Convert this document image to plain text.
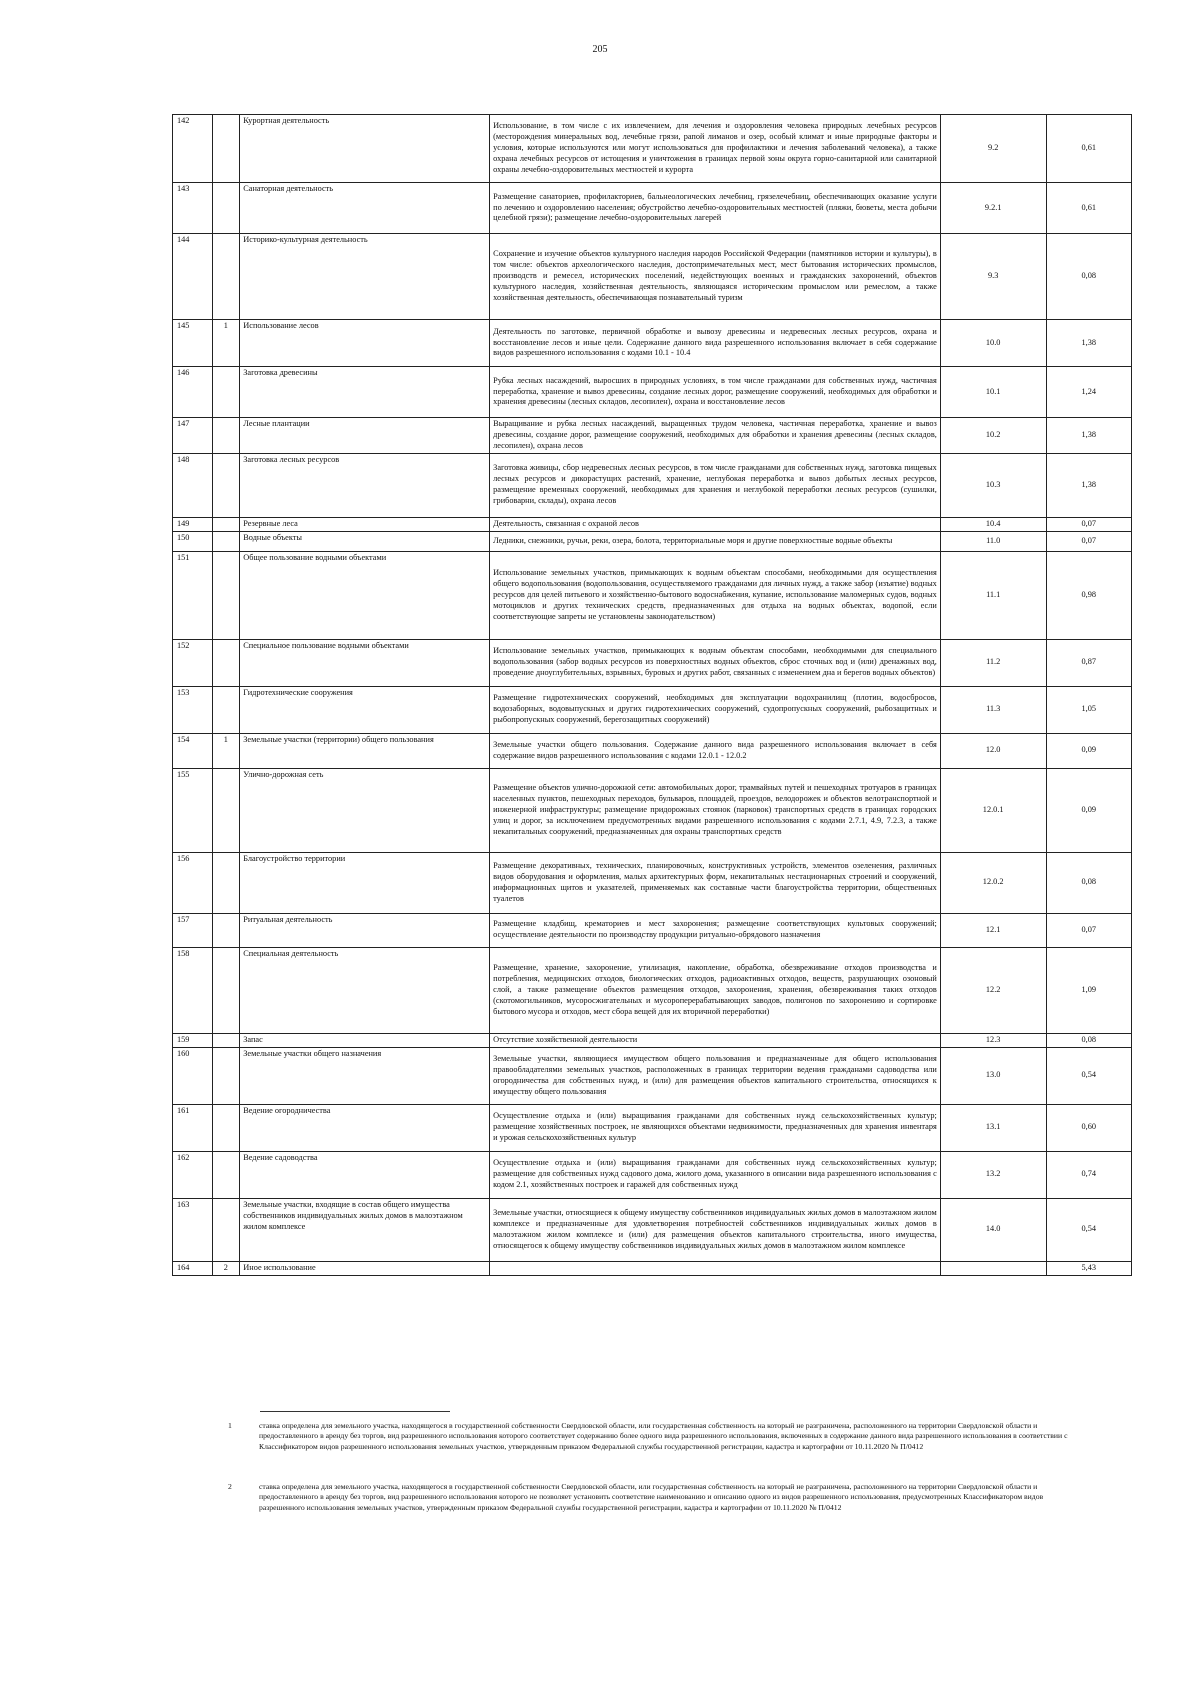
205
142		Курортная деятельность	Использование, в том числе с их извлечением, для лечения и оздоровления человека природных лечебных ресурсов (месторождения минеральных вод, лечебные грязи, рапой лиманов и озер, особый климат и иные природные факторы и условия, которые используются или могут использоваться для профилактики и лечения заболеваний человека), а также охрана лечебных ресурсов от истощения и уничтожения в границах первой зоны округа горно-санитарной или санитарной охраны лечебно-оздоровительных местностей и курорта	9.2	0,61
143		Санаторная деятельность	Размещение санаториев, профилакториев, бальнеологических лечебниц, грязелечебниц, обеспечивающих оказание услуги по лечению и оздоровлению населения; обустройство лечебно-оздоровительных местностей (пляжи, бюветы, места добычи целебной грязи); размещение лечебно-оздоровительных лагерей	9.2.1	0,61
144		Историко-культурная деятельность	Сохранение и изучение объектов культурного наследия народов Российской Федерации (памятников истории и культуры), в том числе: объектов археологического наследия, достопримечательных мест, мест бытования исторических промыслов, производств и ремесел, исторических поселений, недействующих военных и гражданских захоронений, объектов культурного наследия, хозяйственная деятельность, являющаяся историческим промыслом или ремеслом, а также хозяйственная деятельность, обеспечивающая познавательный туризм	9.3	0,08
145	1	Использование лесов	Деятельность по заготовке, первичной обработке и вывозу древесины и недревесных лесных ресурсов, охрана и восстановление лесов и иные цели. Содержание данного вида разрешенного использования включает в себя содержание видов разрешенного использования с кодами 10.1 - 10.4	10.0	1,38
146		Заготовка древесины	Рубка лесных насаждений, выросших в природных условиях, в том числе гражданами для собственных нужд, частичная переработка, хранение и вывоз древесины, создание лесных дорог, размещение сооружений, необходимых для обработки и хранения древесины (лесных складов, лесопилен), охрана и восстановление лесов	10.1	1,24
147		Лесные плантации	Выращивание и рубка лесных насаждений, выращенных трудом человека, частичная переработка, хранение и вывоз древесины, создание дорог, размещение сооружений, необходимых для обработки и хранения древесины (лесных складов, лесопилен), охрана лесов	10.2	1,38
148		Заготовка лесных ресурсов	Заготовка живицы, сбор недревесных лесных ресурсов, в том числе гражданами для собственных нужд, заготовка пищевых лесных ресурсов и дикорастущих растений, хранение, неглубокая переработка и вывоз добытых лесных ресурсов, размещение временных сооружений, необходимых для хранения и неглубокой переработки лесных ресурсов (сушилки, грибоварни, склады), охрана лесов	10.3	1,38
149		Резервные леса	Деятельность, связанная с охраной лесов	10.4	0,07
150		Водные объекты	Ледники, снежники, ручьи, реки, озера, болота, территориальные моря и другие поверхностные водные объекты	11.0	0,07
151		Общее пользование водными объектами	Использование земельных участков, примыкающих к водным объектам способами, необходимыми для осуществления общего водопользования (водопользования, осуществляемого гражданами для личных нужд, а также забор (изъятие) водных ресурсов для целей питьевого и хозяйственно-бытового водоснабжения, купание, использование маломерных судов, водных мотоциклов и других технических средств, предназначенных для отдыха на водных объектах, водопой, если соответствующие запреты не установлены законодательством)	11.1	0,98
152		Специальное пользование водными объектами	Использование земельных участков, примыкающих к водным объектам способами, необходимыми для специального водопользования (забор водных ресурсов из поверхностных водных объектов, сброс сточных вод и (или) дренажных вод, проведение дноуглубительных, взрывных, буровых и других работ, связанных с изменением дна и берегов водных объектов)	11.2	0,87
153		Гидротехнические сооружения	Размещение гидротехнических сооружений, необходимых для эксплуатации водохранилищ (плотин, водосбросов, водозаборных, водовыпускных и других гидротехнических сооружений, судопропускных сооружений, рыбозащитных и рыбопропускных сооружений, берегозащитных сооружений)	11.3	1,05
154	1	Земельные участки (территории) общего пользования	Земельные участки общего пользования. Содержание данного вида разрешенного использования включает в себя содержание видов разрешенного использования с кодами 12.0.1 - 12.0.2	12.0	0,09
155		Улично-дорожная сеть	Размещение объектов улично-дорожной сети: автомобильных дорог, трамвайных путей и пешеходных тротуаров в границах населенных пунктов, пешеходных переходов, бульваров, площадей, проездов, велодорожек и объектов велотранспортной и инженерной инфраструктуры; размещение придорожных стоянок (парковок) транспортных средств в границах городских улиц и дорог, за исключением предусмотренных видами разрешенного использования с кодами 2.7.1, 4.9, 7.2.3, а также некапитальных сооружений, предназначенных для охраны транспортных средств	12.0.1	0,09
156		Благоустройство территории	Размещение декоративных, технических, планировочных, конструктивных устройств, элементов озеленения, различных видов оборудования и оформления, малых архитектурных форм, некапитальных нестационарных строений и сооружений, информационных щитов и указателей, применяемых как составные части благоустройства территории, общественных туалетов	12.0.2	0,08
157		Ритуальная деятельность	Размещение кладбищ, крематориев и мест захоронения; размещение соответствующих культовых сооружений; осуществление деятельности по производству продукции ритуально-обрядового назначения	12.1	0,07
158		Специальная деятельность	Размещение, хранение, захоронение, утилизация, накопление, обработка, обезвреживание отходов производства и потребления, медицинских отходов, биологических отходов, радиоактивных отходов, веществ, разрушающих озоновый слой, а также размещение объектов размещения отходов, захоронения, хранения, обезвреживания таких отходов (скотомогильников, мусоросжигательных и мусороперерабатывающих заводов, полигонов по захоронению и сортировке бытового мусора и отходов, мест сбора вещей для их вторичной переработки)	12.2	1,09
159		Запас	Отсутствие хозяйственной деятельности	12.3	0,08
160		Земельные участки общего назначения	Земельные участки, являющиеся имуществом общего пользования и предназначенные для общего использования правообладателями земельных участков, расположенных в границах территории ведения гражданами садоводства или огородничества для собственных нужд, и (или) для размещения объектов капитального строительства, относящихся к имуществу общего пользования	13.0	0,54
161		Ведение огородничества	Осуществление отдыха и (или) выращивания гражданами для собственных нужд сельскохозяйственных культур; размещение хозяйственных построек, не являющихся объектами недвижимости, предназначенных для хранения инвентаря и урожая сельскохозяйственных культур	13.1	0,60
162		Ведение садоводства	Осуществление отдыха и (или) выращивания гражданами для собственных нужд сельскохозяйственных культур; размещение для собственных нужд садового дома, жилого дома, указанного в описании вида разрешенного использования с кодом 2.1, хозяйственных построек и гаражей для собственных нужд	13.2	0,74
163		Земельные участки, входящие в состав общего имущества собственников индивидуальных жилых домов в малоэтажном жилом комплексе	Земельные участки, относящиеся к общему имуществу собственников индивидуальных жилых домов в малоэтажном жилом комплексе и предназначенные для удовлетворения потребностей собственников индивидуальных жилых домов в малоэтажном жилом комплексе и (или) для размещения объектов капитального строительства, иного имущества, относящегося к общему имуществу собственников индивидуальных жилых домов в малоэтажном жилом комплексе	14.0	0,54
164	2	Иное использование			5,43
1	ставка определена для земельного участка, находящегося в государственной собственности Свердловской области, или государственная собственность на который не разграничена, расположенного на территории Свердловской области и предоставленного в аренду без торгов, вид разрешенного использования которого соответствует содержанию более одного вида разрешенного использования, включенных в содержание данного вида разрешенного использования в соответствии с Классификатором видов разрешенного использования земельных участков, утвержденным приказом Федеральной службы государственной регистрации, кадастра и картографии от 10.11.2020 № П/0412
2	ставка определена для земельного участка, находящегося в государственной собственности Свердловской области, или государственная собственность на который не разграничена, расположенного на территории Свердловской области и предоставленного в аренду без торгов, вид разрешенного использования которого не позволяет установить соответствие наименованию и описанию одного из видов разрешенного использования, предусмотренных Классификатором видов разрешенного использования земельных участков, утвержденным приказом Федеральной службы государственной регистрации, кадастра и картографии от 10.11.2020 № П/0412
